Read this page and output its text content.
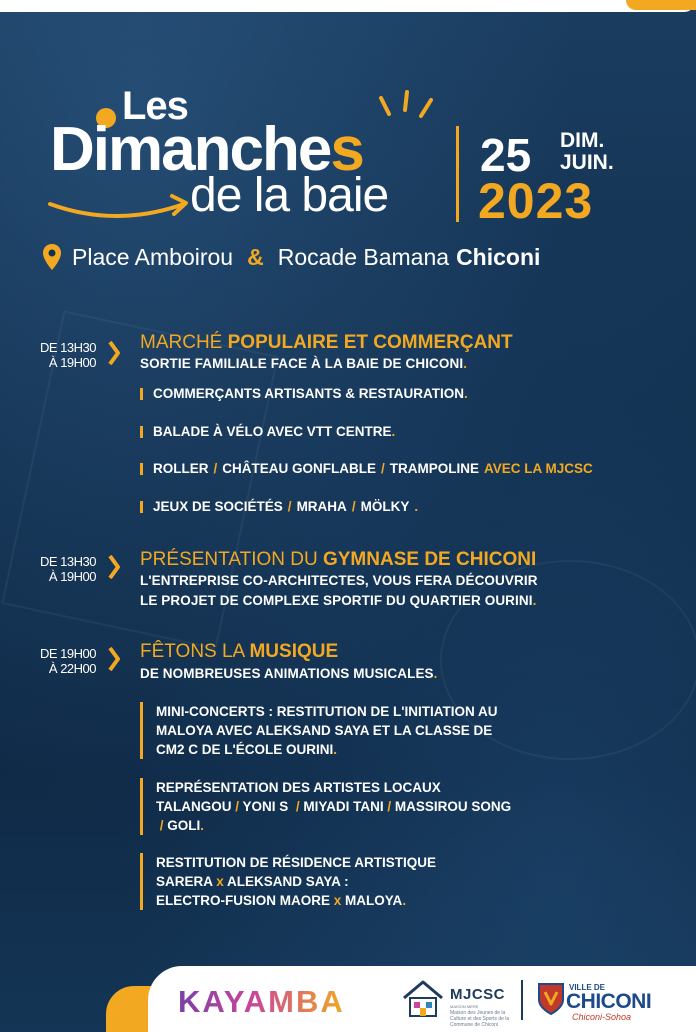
Les
Dimanches
de la baie
25 DIM.
JUIN.
2023
Place Amboirou & Rocade Bamana Chiconi
DE 13H30

À 19H00
MARCHÉ POPULAIRE ET COMMERÇANT
SORTIE FAMILIALE FACE À LA BAIE DE CHICONI.
COMMERÇANTS ARTISANTS & RESTAURATION .
BALADE À VÉLO AVEC VTT CENTRE .
ROLLER / CHÂTEAU GONFLABLE / TRAMPOLINE AVEC LA MJCSC
JEUX DE SOCIÉTÉS / MRAHA / MÖLKY .
DE 13H30

À 19H00
PRÉSENTATION DU GYMNASE DE CHICONI
L'ENTREPRISE CO-ARCHITECTES, VOUS FERA DÉCOUVRIR
LE PROJET DE COMPLEXE SPORTIF DU QUARTIER OURINI.
DE 19H00

À 22H00
FÊTONS LA MUSIQUE
DE NOMBREUSES ANIMATIONS MUSICALES.
MINI-CONCERTS : RESTITUTION DE L'INITIATION AU
MALOYA AVEC ALEKSAND SAYA ET LA CLASSE DE
CM2 C DE L'ÉCOLE OURINI.
REPRÉSENTATION DES ARTISTES LOCAUX
TALANGOU / YONI S / MIYADI TANI / MASSIROU SONG
/ GOLI.
RESTITUTION DE RÉSIDENCE ARTISTIQUE
SARERA x ALEKSAND SAYA :
ELECTRO-FUSION MAORE x MALOYA.
KAYAMBA	MJCSC
MAISON MERE
Maison des Jeunes de la Culture et des Sports de la Commune de Chiconi
VILLE DE
CHICONI
Chiconi-Sohoa
